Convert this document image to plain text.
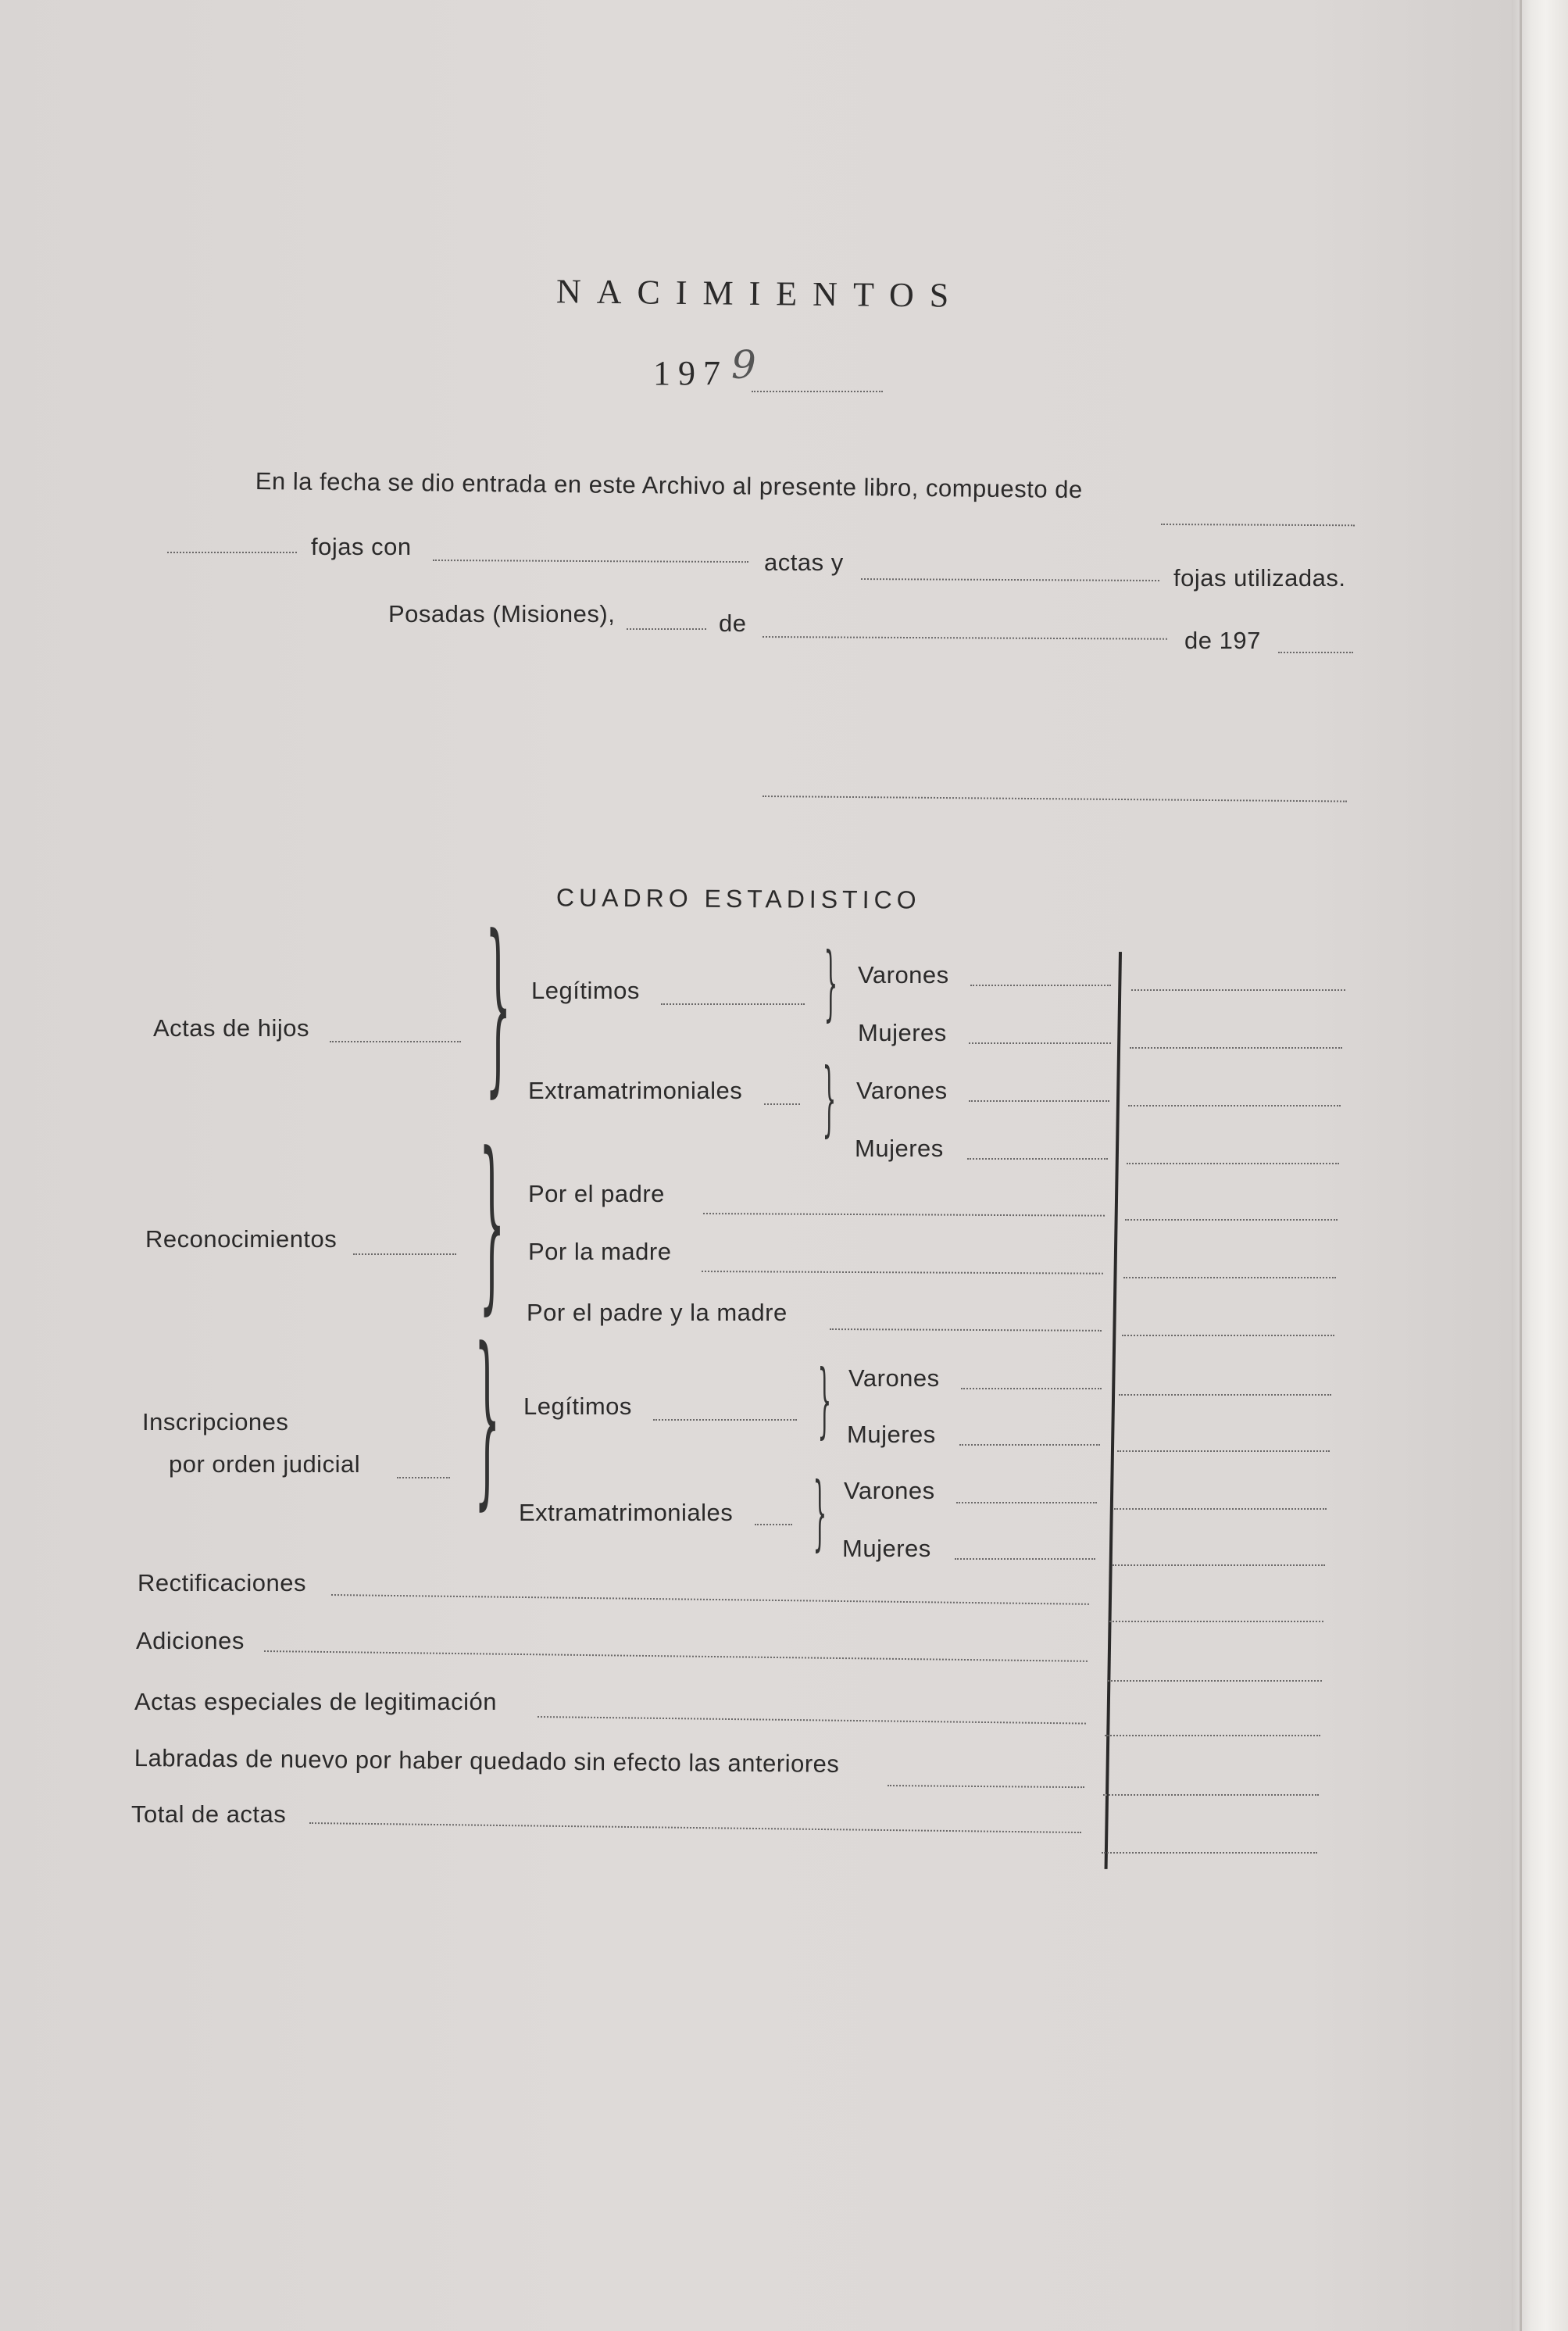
NACIMIENTOS
197 9
En la fecha se dio entrada en este Archivo al presente libro, compuesto de
fojas con
actas y
fojas utilizadas.
Posadas (Misiones),	de
de 197
CUADRO ESTADISTICO
Actas de hijos } Legítimos	} Varones
Mujeres
Extramatrimoniales } Varones
Mujeres
Reconocimientos } Por el padre
Por la madre
Por el padre y la madre
Inscripciones
por orden judicial } Legítimos	} Varones
Mujeres
Extramatrimoniales } Varones
Mujeres
Rectificaciones
Adiciones
Actas especiales de legitimación
Labradas de nuevo por haber quedado sin efecto las anteriores
Total de actas
